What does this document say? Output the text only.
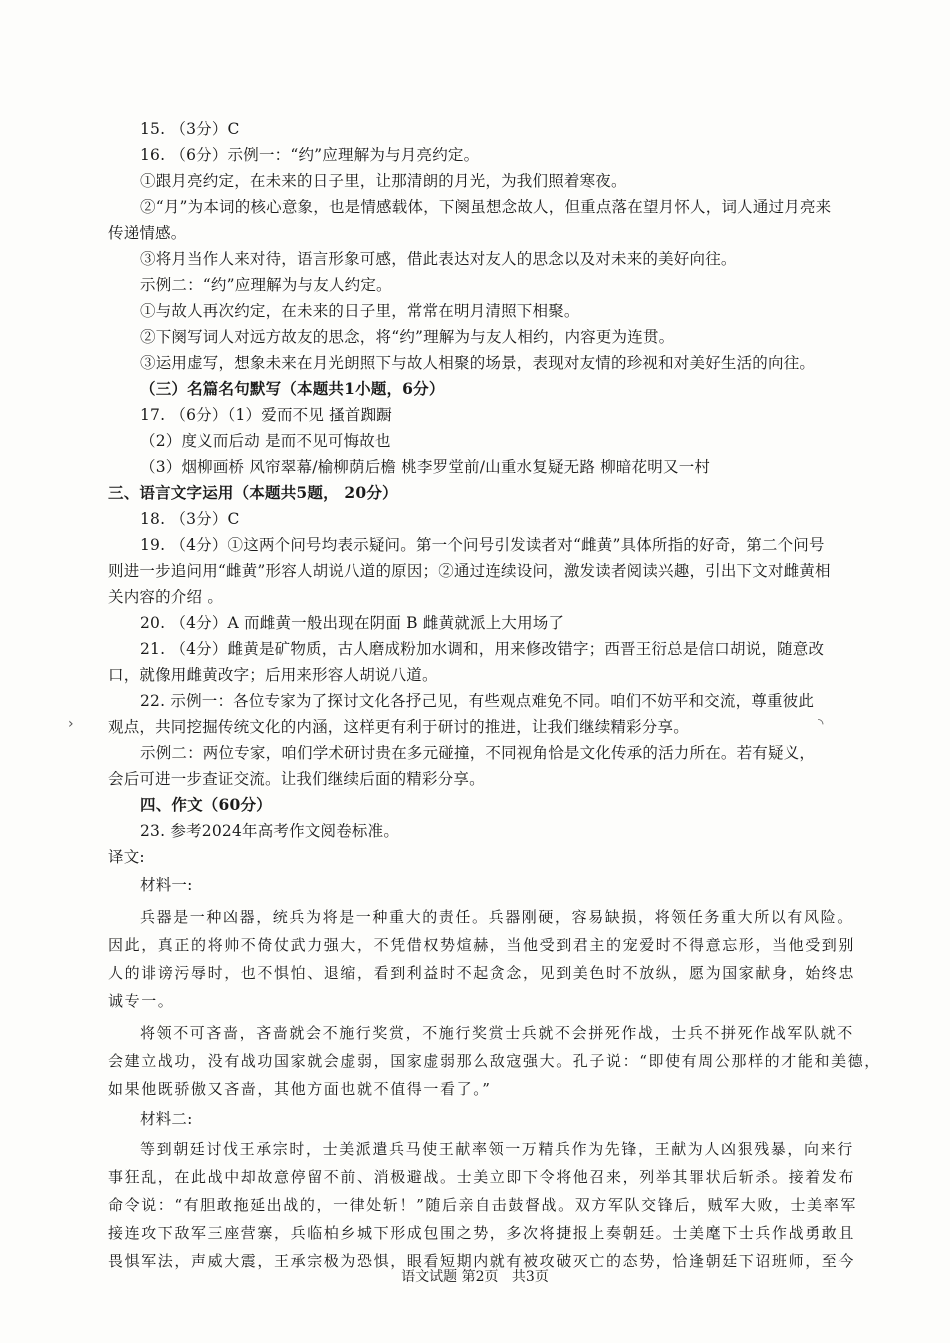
15. （3分）C
16. （6分）示例一：“约”应理解为与月亮约定。
①跟月亮约定，在未来的日子里，让那清朗的月光，为我们照着寒夜。
②“月”为本词的核心意象，也是情感载体，下阕虽想念故人，但重点落在望月怀人，词人通过月亮来
传递情感。
③将月当作人来对待，语言形象可感，借此表达对友人的思念以及对未来的美好向往。
示例二：“约”应理解为与友人约定。
①与故人再次约定，在未来的日子里，常常在明月清照下相聚。
②下阕写词人对远方故友的思念，将“约”理解为与友人相约，内容更为连贯。
③运用虚写，想象未来在月光朗照下与故人相聚的场景，表现对友情的珍视和对美好生活的向往。
（三）名篇名句默写（本题共1小题，6分）
17. （6分）（1）爱而不见 搔首踟蹰
（2）度义而后动 是而不见可悔故也
（3）烟柳画桥 风帘翠幕/榆柳荫后檐 桃李罗堂前/山重水复疑无路 柳暗花明又一村
三、语言文字运用（本题共5题， 20分）
18. （3分）C
19. （4分）①这两个问号均表示疑问。第一个问号引发读者对“雌黄”具体所指的好奇，第二个问号
则进一步追问用“雌黄”形容人胡说八道的原因；②通过连续设问，激发读者阅读兴趣，引出下文对雌黄相
关内容的介绍 。
20. （4分）A 而雌黄一般出现在阴面 B 雌黄就派上大用场了
21. （4分）雌黄是矿物质，古人磨成粉加水调和，用来修改错字；西晋王衍总是信口胡说，随意改
口，就像用雌黄改字；后用来形容人胡说八道。
22. 示例一：各位专家为了探讨文化各抒己见，有些观点难免不同。咱们不妨平和交流，尊重彼此
观点，共同挖掘传统文化的内涵，这样更有利于研讨的推进，让我们继续精彩分享。
示例二：两位专家，咱们学术研讨贵在多元碰撞，不同视角恰是文化传承的活力所在。若有疑义，
会后可进一步查证交流。让我们继续后面的精彩分享。
四、作文（60分）
23. 参考2024年高考作文阅卷标准。
译文:
材料一:
兵器是一种凶器，统兵为将是一种重大的责任。兵器刚硬，容易缺损，将领任务重大所以有风险。
因此，真正的将帅不倚仗武力强大，不凭借权势煊赫，当他受到君主的宠爱时不得意忘形，当他受到别
人的诽谤污辱时，也不惧怕、退缩，看到利益时不起贪念，见到美色时不放纵，愿为国家献身，始终忠
诚专一。
将领不可吝啬，吝啬就会不施行奖赏，不施行奖赏士兵就不会拼死作战，士兵不拼死作战军队就不
会建立战功，没有战功国家就会虚弱，国家虚弱那么敌寇强大。孔子说：“即使有周公那样的才能和美德，
如果他既骄傲又吝啬，其他方面也就不值得一看了。”
材料二:
等到朝廷讨伐王承宗时，士美派遣兵马使王献率领一万精兵作为先锋，王献为人凶狠残暴，向来行
事狂乱，在此战中却故意停留不前、消极避战。士美立即下令将他召来，列举其罪状后斩杀。接着发布
命令说：“有胆敢拖延出战的，一律处斩！”随后亲自击鼓督战。双方军队交锋后，贼军大败，士美率军
接连攻下敌军三座营寨，兵临柏乡城下形成包围之势，多次将捷报上奏朝廷。士美麾下士兵作战勇敢且
畏惧军法，声威大震，王承宗极为恐惧，眼看短期内就有被攻破灭亡的态势，恰逢朝廷下诏班师，至今
›	◝
语文试题 第2页 共3页
